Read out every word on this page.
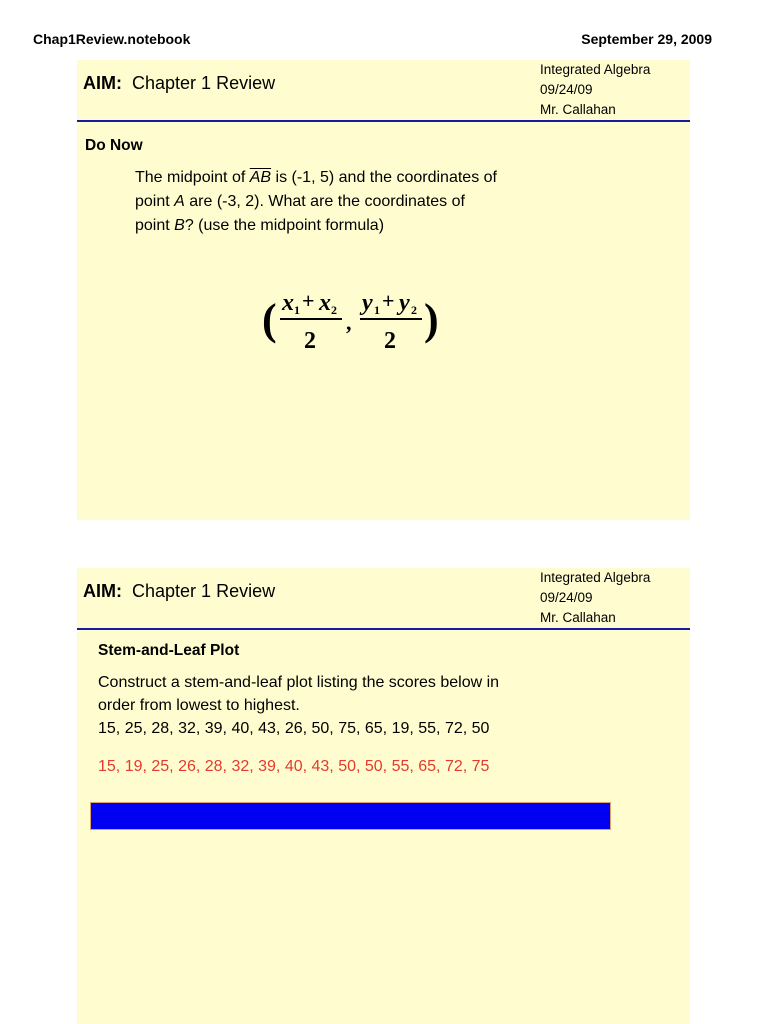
Chap1Review.notebook	September 29, 2009
AIM: Chapter 1 Review
Integrated Algebra
09/24/09
Mr. Callahan
Do Now
The midpoint of $\overline{AB}$ is (-1, 5) and the coordinates of
point A are (-3, 2). What are the coordinates of
point B? (use the midpoint formula)
( x 1 + x 2
2
,
y 1 + y 2
2 )
AIM: Chapter 1 Review
Integrated Algebra
09/24/09
Mr. Callahan
Stem-and-Leaf Plot
Construct a stem-and-leaf plot listing the scores below in
order from lowest to highest.
15, 25, 28, 32, 39, 40, 43, 26, 50, 75, 65, 19, 55, 72, 50
15, 19, 25, 26, 28, 32, 39, 40, 43, 50, 50, 55, 65, 72, 75
